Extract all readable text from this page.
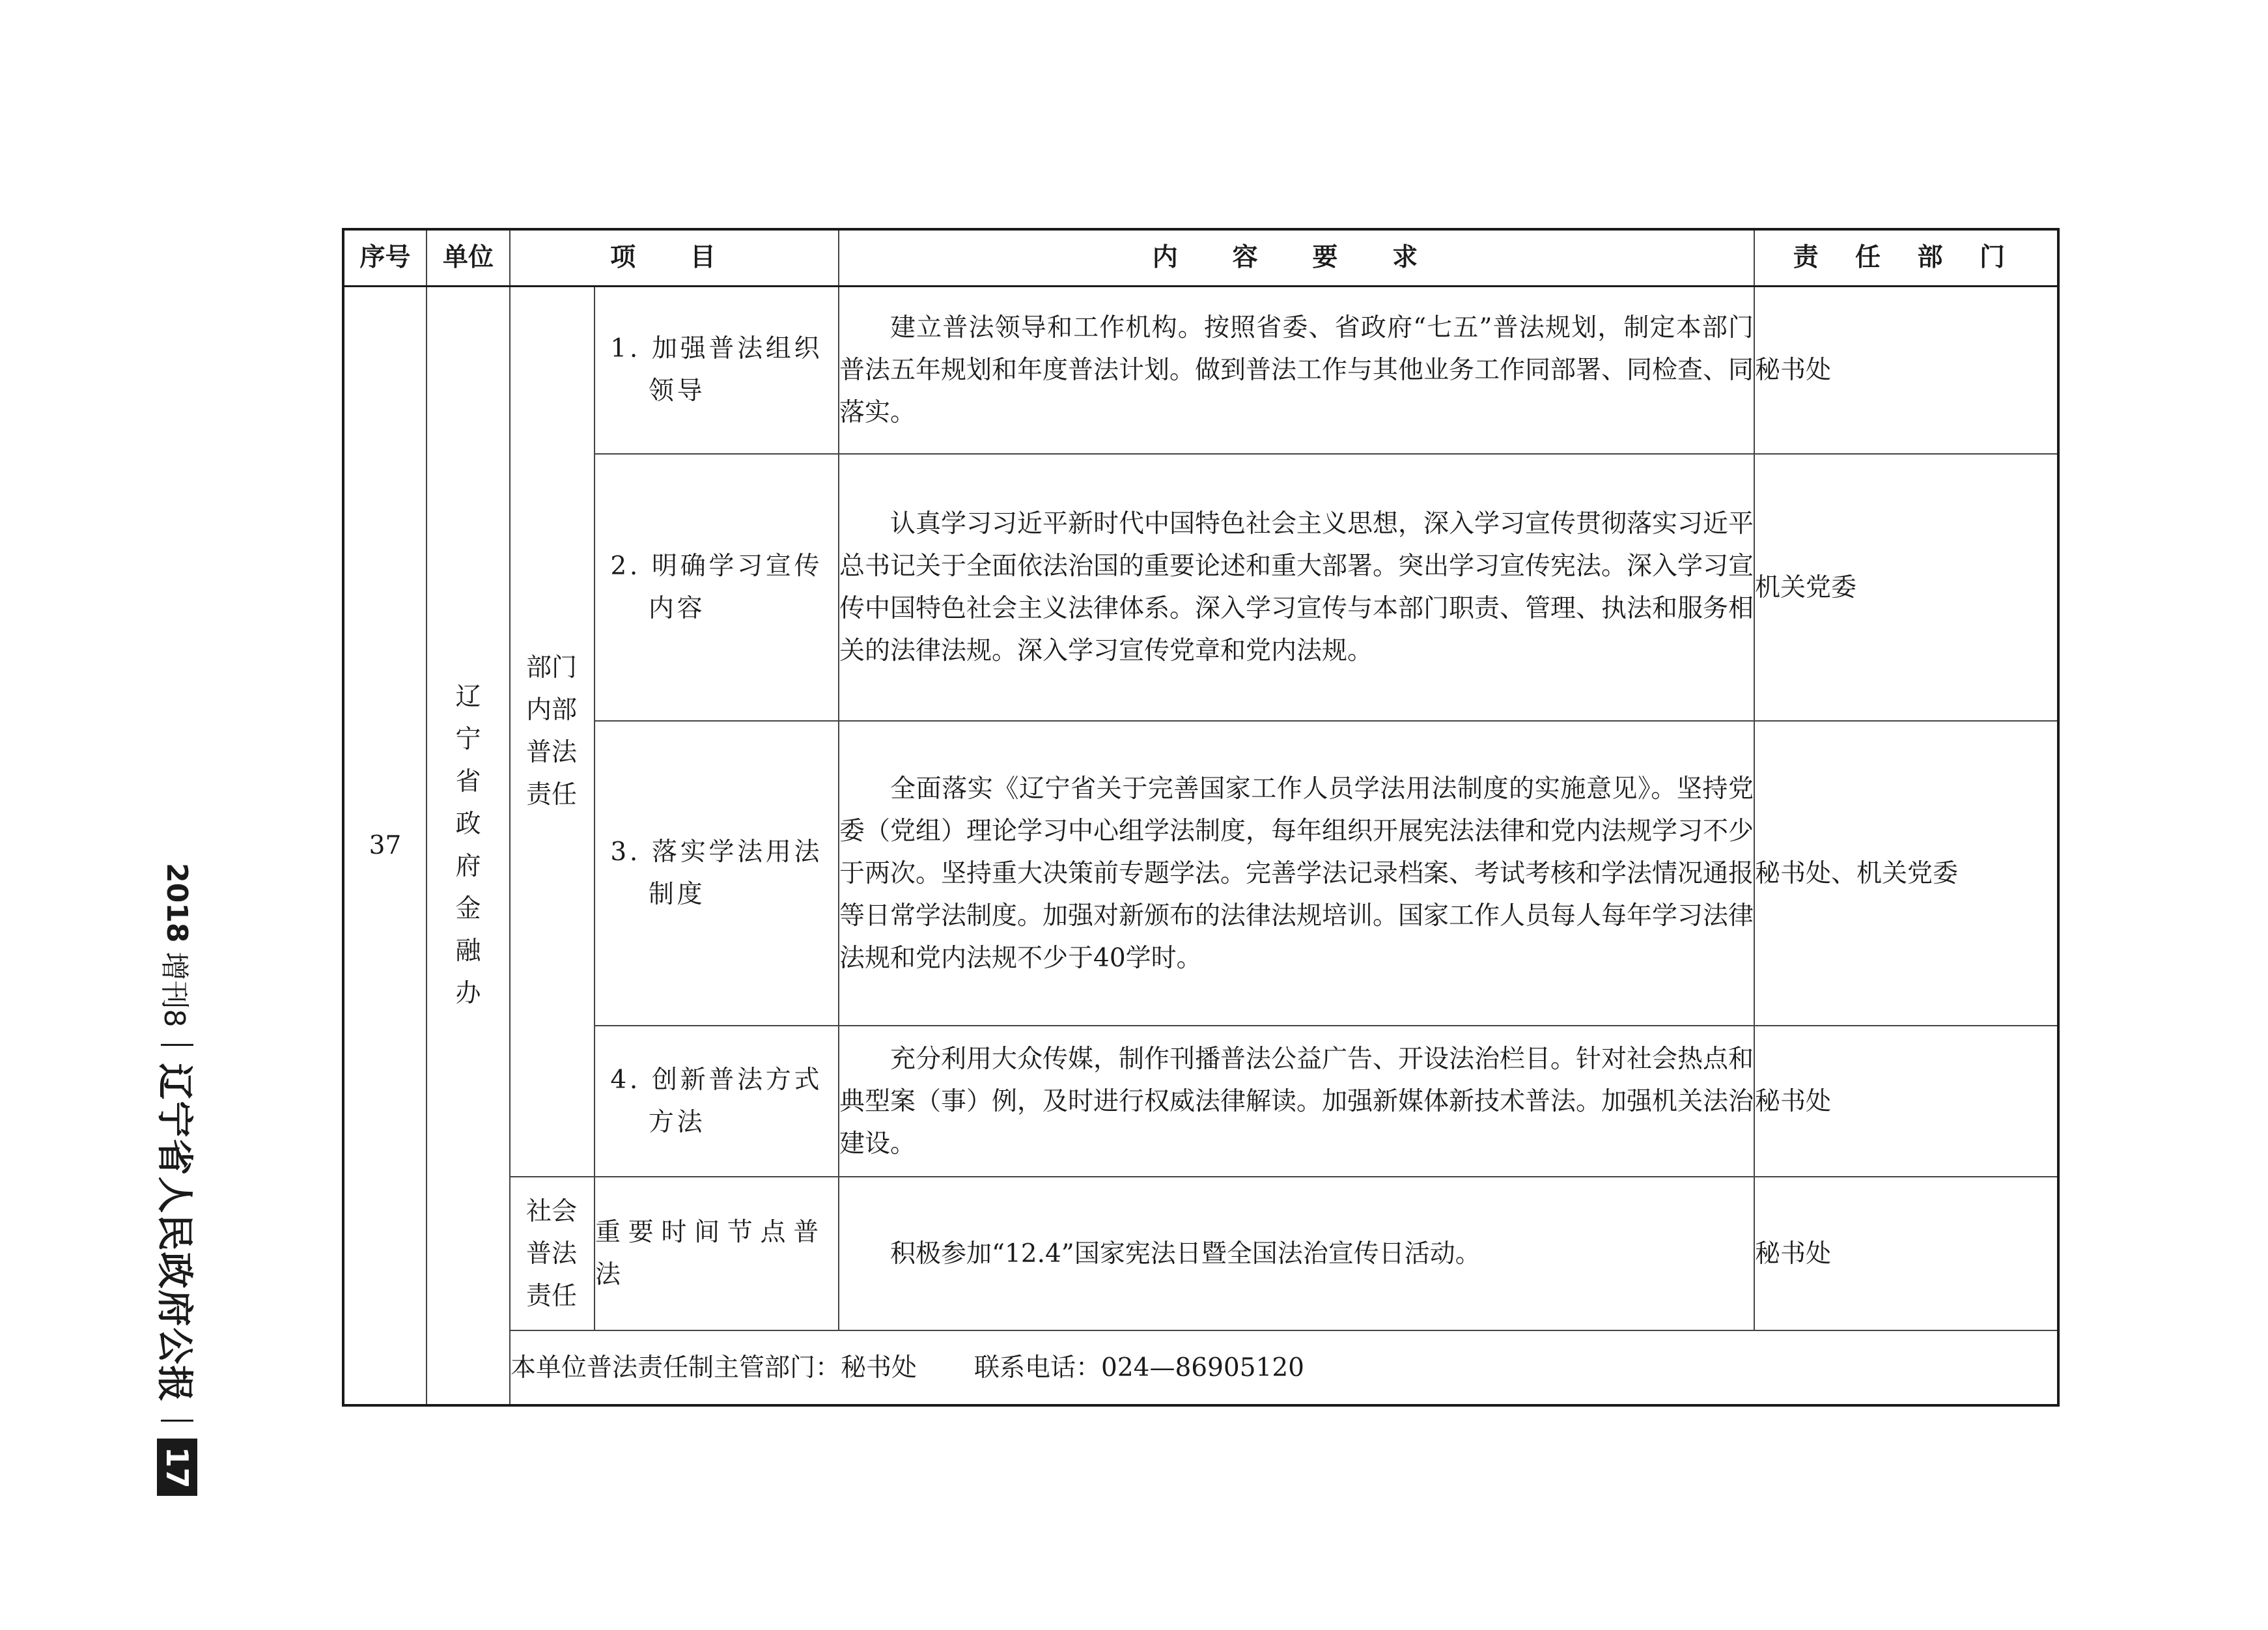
序号	单位	项 目		内 容 要 求	责 任 部 门
37	辽宁省政府金融办	部门内部普法责任	1. 加强普法组织领导	建立普法领导和工作机构。按照省委、省政府“七五”普法规划，制定本部门普法五年规划和年度普法计划。做到普法工作与其他业务工作同部署、同检查、同落实。	秘书处

			2. 明确学习宣传内容	认真学习习近平新时代中国特色社会主义思想，深入学习宣传贯彻落实习近平总书记关于全面依法治国的重要论述和重大部署。突出学习宣传宪法。深入学习宣传中国特色社会主义法律体系。深入学习宣传与本部门职责、管理、执法和服务相关的法律法规。深入学习宣传党章和党内法规。	机关党委

			3. 落实学法用法制度	全面落实《辽宁省关于完善国家工作人员学法用法制度的实施意见》。坚持党委（党组）理论学习中心组学法制度，每年组织开展宪法法律和党内法规学习不少于两次。坚持重大决策前专题学法。完善学法记录档案、考试考核和学法情况通报等日常学法制度。加强对新颁布的法律法规培训。国家工作人员每人每年学习法律法规和党内法规不少于40学时。	秘书处、机关党委

			4. 创新普法方式方法	充分利用大众传媒，制作刊播普法公益广告、开设法治栏目。针对社会热点和典型案（事）例，及时进行权威法律解读。加强新媒体新技术普法。加强机关法治建设。	秘书处
		社会普法责任	重要时间节点普法	积极参加“12.4”国家宪法日暨全国法治宣传日活动。	秘书处
		本单位普法责任制主管部门：秘书处 联系电话：024—86905120			
2018
增刊8
辽宁省人民政府公报
17
